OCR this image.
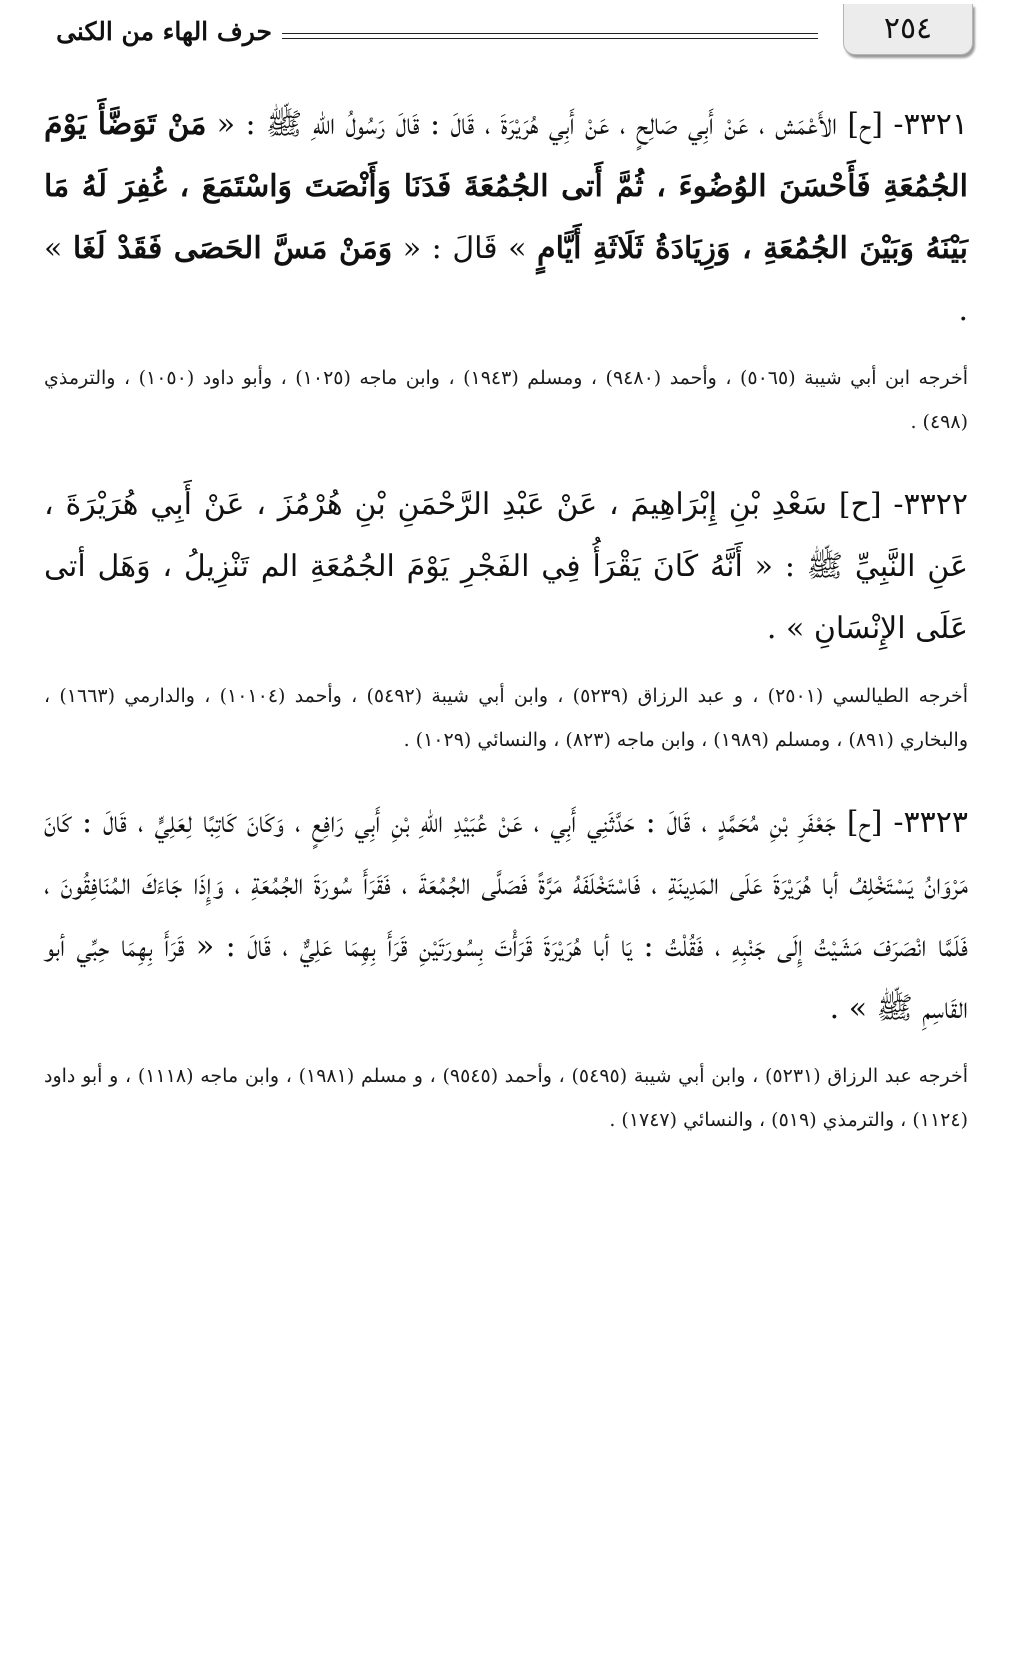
٢٥٤
حرف الهاء من الكنى

٣٣٢١- [ح] الأَعْمَش ، عَنْ أَبِي صَالِحٍ ، عَنْ أَبِي هُرَيْرَةَ ، قَالَ : قَالَ رَسُولُ اللهِ ﷺ : « مَنْ تَوَضَّأَ يَوْمَ الجُمُعَةِ فَأَحْسَنَ الوُضُوءَ ، ثُمَّ أَتى الجُمُعَةَ فَدَنَا وَأَنْصَتَ وَاسْتَمَعَ ، غُفِرَ لَهُ مَا بَيْنَهُ وَبَيْنَ الجُمُعَةِ ، وَزِيَادَةُ ثَلَاثَةِ أَيَّامٍ » قَالَ : « وَمَنْ مَسَّ الحَصَى فَقَدْ لَغَا » .

أخرجه ابن أبي شيبة (٥٠٦٥) ، وأحمد (٩٤٨٠) ، ومسلم (١٩٤٣) ، وابن ماجه (١٠٢٥) ، وأبو داود (١٠٥٠) ، والترمذي (٤٩٨) .

٣٣٢٢- [ح] سَعْدِ بْنِ إِبْرَاهِيمَ ، عَنْ عَبْدِ الرَّحْمَنِ بْنِ هُرْمُزَ ، عَنْ أَبِي هُرَيْرَةَ ، عَنِ النَّبِيِّ ﷺ : « أَنَّهُ كَانَ يَقْرَأُ فِي الفَجْرِ يَوْمَ الجُمُعَةِ الم تَنْزِيلُ ، وَهَل أتى عَلَى الإِنْسَانِ » .

أخرجه الطيالسي (٢٥٠١) ، و عبد الرزاق (٥٢٣٩) ، وابن أبي شيبة (٥٤٩٢) ، وأحمد (١٠١٠٤) ، والدارمي (١٦٦٣) ، والبخاري (٨٩١) ، ومسلم (١٩٨٩) ، وابن ماجه (٨٢٣) ، والنسائي (١٠٢٩) .

٣٣٢٣- [ح] جَعْفَرِ بْنِ مُحَمَّدٍ ، قَالَ : حَدَّثَنِي أَبِي ، عَنْ عُبَيْدِ اللهِ بْنِ أَبِي رَافِعٍ ، وَكَانَ كَاتِبًا لِعَلِيٍّ ، قَالَ : كَانَ مَرْوَانُ يَسْتَخْلِفُ أبا هُرَيْرَةَ عَلَى المَدِينَةِ ، فَاسْتَخْلَفَهُ مَرَّةً فَصَلَّى الجُمُعَةَ ، فَقَرَأَ سُورَةَ الجُمُعَةِ ، وَإِذَا جَاءَكَ المُنَافِقُونَ ، فَلَمَّا انْصَرَفَ مَشَيْتُ إِلَى جَنْبِهِ ، فَقُلْتُ : يَا أبا هُرَيْرَةَ قَرَأْتَ بِسُورَتَيْنِ قَرَأَ بِهِمَا عَلِيٌّ ، قَالَ : « قَرَأَ بِهِمَا حِبِّي أبو القَاسِمِ ﷺ » .

أخرجه عبد الرزاق (٥٢٣١) ، وابن أبي شيبة (٥٤٩٥) ، وأحمد (٩٥٤٥) ، و مسلم (١٩٨١) ، وابن ماجه (١١١٨) ، و أبو داود (١١٢٤) ، والترمذي (٥١٩) ، والنسائي (١٧٤٧) .
